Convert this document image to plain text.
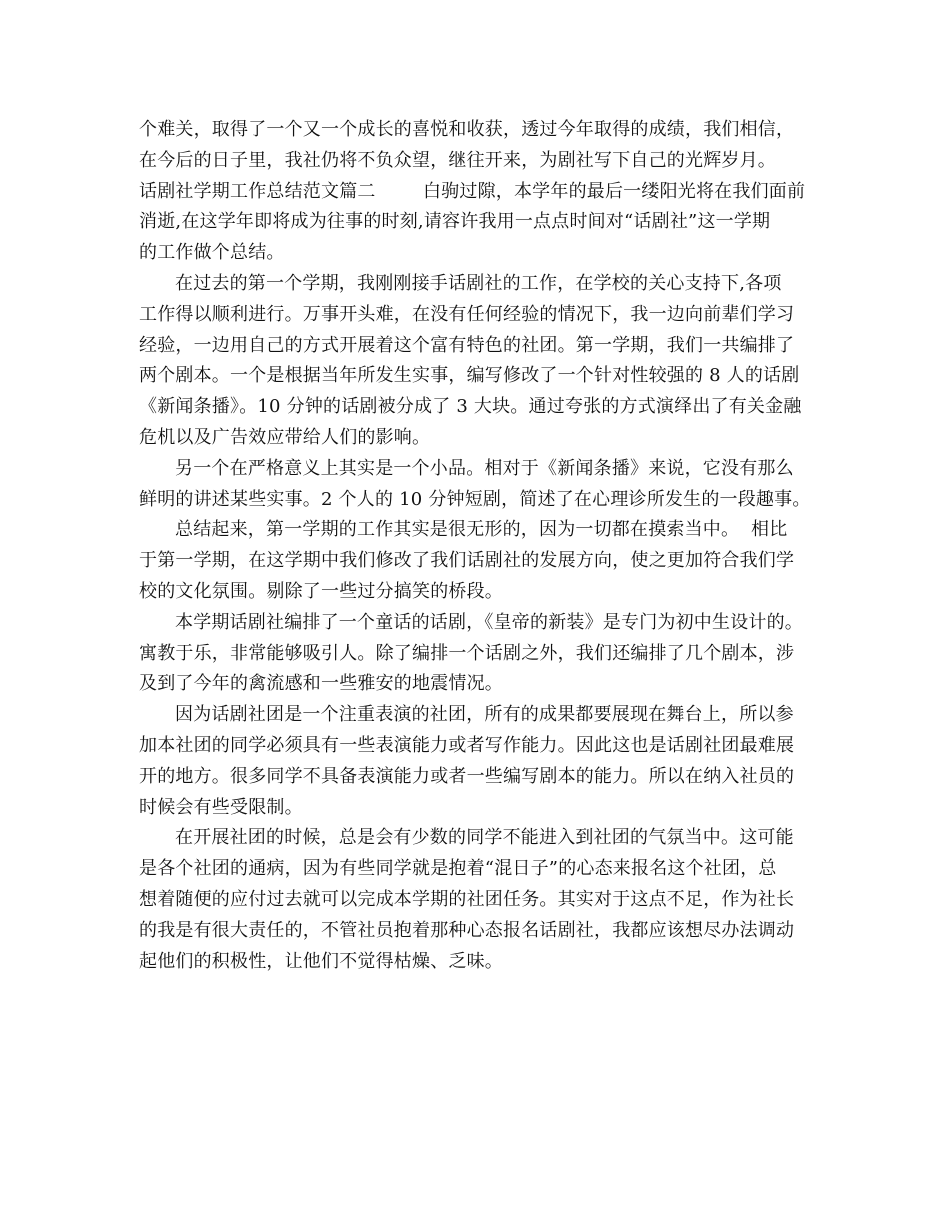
个难关，取得了一个又一个成长的喜悦和收获，透过今年取得的成绩，我们相信，
在今后的日子里，我社仍将不负众望，继往开来，为剧社写下自己的光辉岁月。
话剧社学期工作总结范文篇二        白驹过隙，本学年的最后一缕阳光将在我们面前
消逝,在这学年即将成为往事的时刻,请容许我用一点点时间对“话剧社”这一学期
的工作做个总结。
在过去的第一个学期，我刚刚接手话剧社的工作，在学校的关心支持下,各项
工作得以顺利进行。万事开头难，在没有任何经验的情况下，我一边向前辈们学习
经验，一边用自己的方式开展着这个富有特色的社团。第一学期，我们一共编排了
两个剧本。一个是根据当年所发生实事，编写修改了一个针对性较强的 8 人的话剧
《新闻条播》。10 分钟的话剧被分成了 3 大块。通过夸张的方式演绎出了有关金融
危机以及广告效应带给人们的影响。
另一个在严格意义上其实是一个小品。相对于《新闻条播》来说，它没有那么
鲜明的讲述某些实事。2 个人的 10 分钟短剧，简述了在心理诊所发生的一段趣事。
总结起来，第一学期的工作其实是很无形的，因为一切都在摸索当中。  相比
于第一学期，在这学期中我们修改了我们话剧社的发展方向，使之更加符合我们学
校的文化氛围。剔除了一些过分搞笑的桥段。
本学期话剧社编排了一个童话的话剧，《皇帝的新装》是专门为初中生设计的。
寓教于乐，非常能够吸引人。除了编排一个话剧之外，我们还编排了几个剧本，涉
及到了今年的禽流感和一些雅安的地震情况。
因为话剧社团是一个注重表演的社团，所有的成果都要展现在舞台上，所以参
加本社团的同学必须具有一些表演能力或者写作能力。因此这也是话剧社团最难展
开的地方。很多同学不具备表演能力或者一些编写剧本的能力。所以在纳入社员的
时候会有些受限制。
在开展社团的时候，总是会有少数的同学不能进入到社团的气氛当中。这可能
是各个社团的通病，因为有些同学就是抱着“混日子”的心态来报名这个社团，总
想着随便的应付过去就可以完成本学期的社团任务。其实对于这点不足，作为社长
的我是有很大责任的，不管社员抱着那种心态报名话剧社，我都应该想尽办法调动
起他们的积极性，让他们不觉得枯燥、乏味。
